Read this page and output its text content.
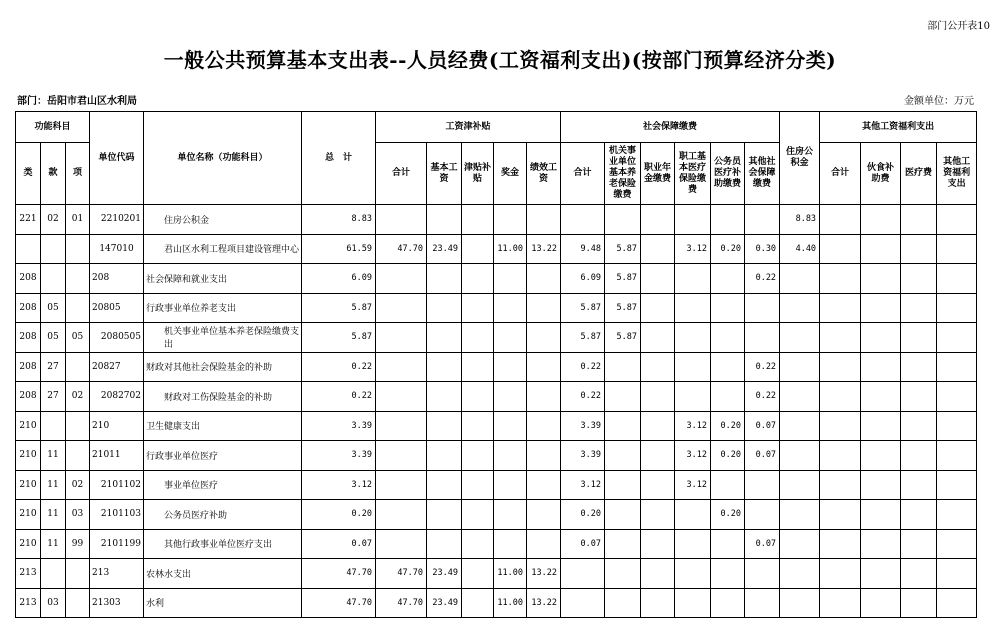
部门公开表10
一般公共预算基本支出表--人员经费(工资福利支出)(按部门预算经济分类)
部门：岳阳市君山区水利局	金额单位：万元
功能科目			单位代码	单位名称（功能科目）	总　计	工资津补贴					社会保障缴费						住房公积金	其他工资福利支出			
类	款	项				合计	基本工资	津贴补贴	奖金	绩效工资	合计	机关事业单位基本养老保险缴费	职业年金缴费	职工基本医疗保险缴费	公务员医疗补助缴费	其他社会保障缴费		合计	伙食补助费	医疗费	其他工资福利支出
221	02	01	2210201	住房公积金	8.83												8.83				
			147010	君山区水利工程项目建设管理中心	61.59	47.70	23.49		11.00	13.22	9.48	5.87		3.12	0.20	0.30	4.40				
208			208	社会保障和就业支出	6.09						6.09	5.87				0.22					
208	05		20805	行政事业单位养老支出	5.87						5.87	5.87									
208	05	05	2080505	机关事业单位基本养老保险缴费支出	5.87						5.87	5.87									
208	27		20827	财政对其他社会保险基金的补助	0.22						0.22					0.22					
208	27	02	2082702	财政对工伤保险基金的补助	0.22						0.22					0.22					
210			210	卫生健康支出	3.39						3.39			3.12	0.20	0.07					
210	11		21011	行政事业单位医疗	3.39						3.39			3.12	0.20	0.07					
210	11	02	2101102	事业单位医疗	3.12						3.12			3.12							
210	11	03	2101103	公务员医疗补助	0.20						0.20				0.20						
210	11	99	2101199	其他行政事业单位医疗支出	0.07						0.07					0.07					
213			213	农林水支出	47.70	47.70	23.49		11.00	13.22											
213	03		21303	水利	47.70	47.70	23.49		11.00	13.22											
